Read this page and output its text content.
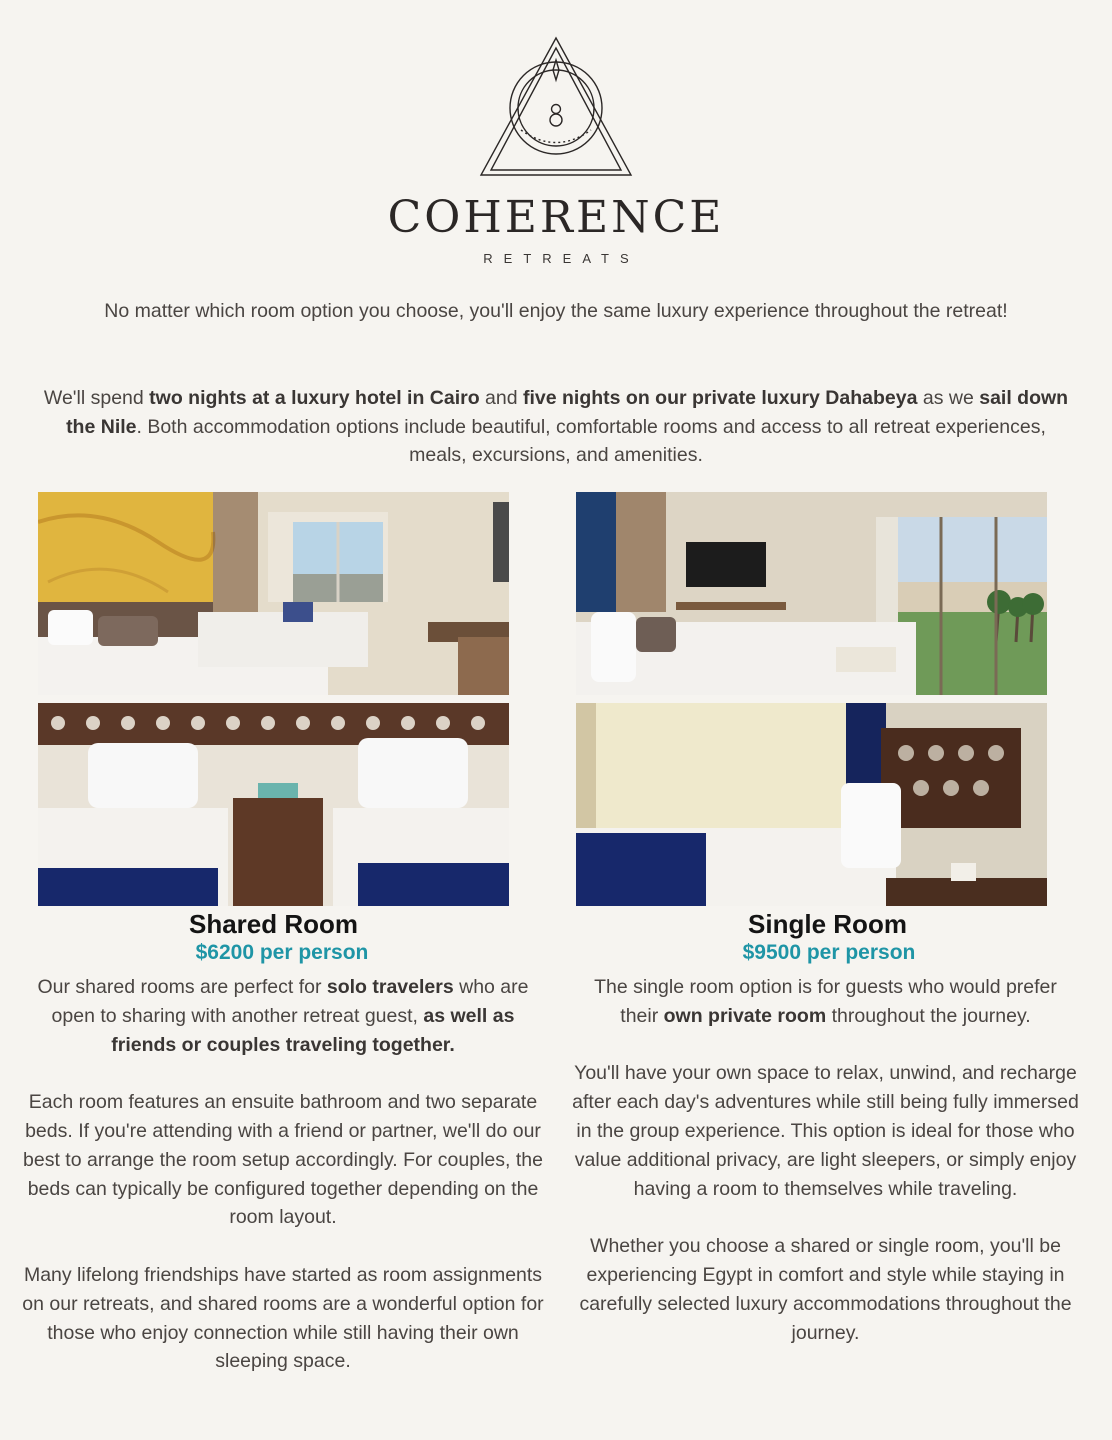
COHERENCE
RETREATS
No matter which room option you choose, you'll enjoy the same luxury experience throughout the retreat!
We'll spend two nights at a luxury hotel in Cairo and five nights on our private luxury Dahabeya as we sail down the Nile. Both accommodation options include beautiful, comfortable rooms and access to all retreat experiences, meals, excursions, and amenities.
Shared Room
$6200 per person

Our shared rooms are perfect for solo travelers who are open to sharing with another retreat guest, as well as friends or couples traveling together.

Each room features an ensuite bathroom and two separate beds. If you're attending with a friend or partner, we'll do our best to arrange the room setup accordingly. For couples, the beds can typically be configured together depending on the room layout.

Many lifelong friendships have started as room assignments on our retreats, and shared rooms are a wonderful option for those who enjoy connection while still having their own sleeping space.

Single Room
$9500 per person

The single room option is for guests who would prefer their own private room throughout the journey.

You'll have your own space to relax, unwind, and recharge after each day's adventures while still being fully immersed in the group experience. This option is ideal for those who value additional privacy, are light sleepers, or simply enjoy having a room to themselves while traveling.

Whether you choose a shared or single room, you'll be experiencing Egypt in comfort and style while staying in carefully selected luxury accommodations throughout the journey.
